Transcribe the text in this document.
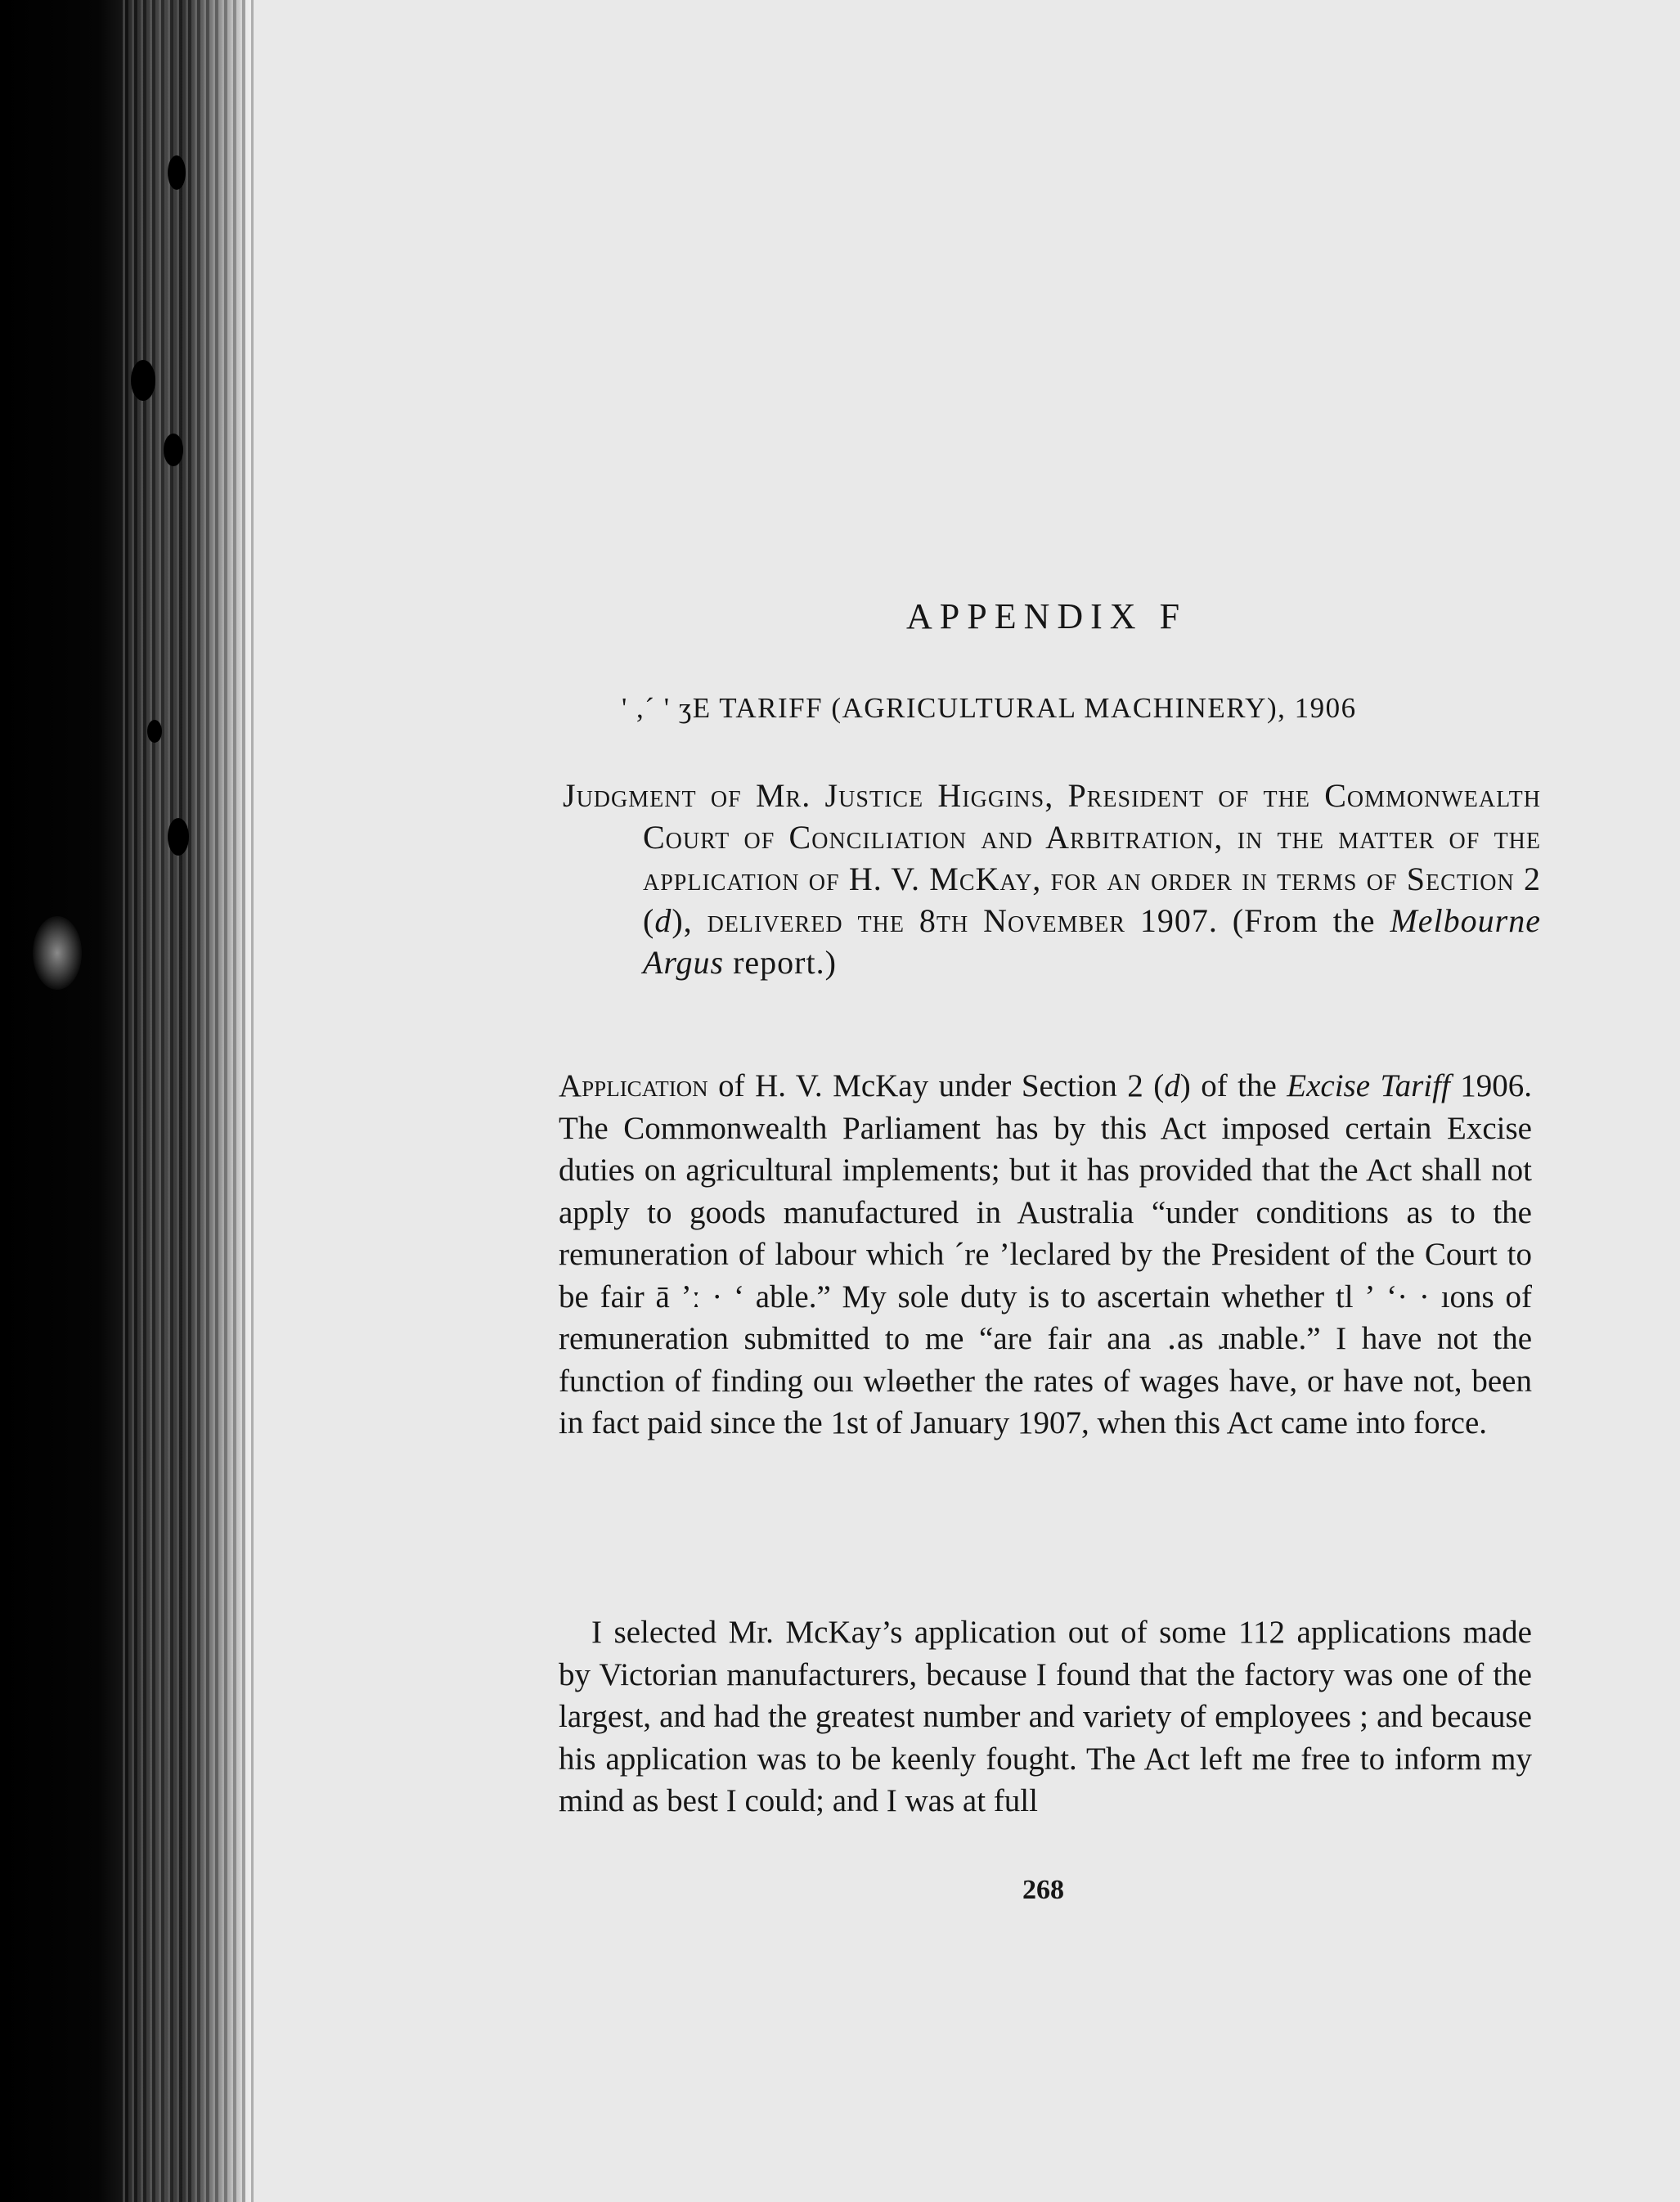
APPENDIX F
' ,´ ' ʒE TARIFF (AGRICULTURAL MACHINERY), 1906
Judgment of Mr. Justice Higgins, President of the Commonwealth Court of Conciliation and Arbitration, in the matter of the application of H. V. McKay, for an order in terms of Section 2 (d), delivered the 8th November 1907. (From the Melbourne Argus report.)
Application of H. V. McKay under Section 2 (d) of the Excise Tariff 1906. The Commonwealth Parliament has by this Act imposed certain Excise duties on agricultural implements; but it has provided that the Act shall not apply to goods manufactured in Australia “under conditions as to the remuneration of labour which ´re ’leclared by the President of the Court to be fair ā ʼː · ʻ able.” My sole duty is to ascertain whether tl ʼ ‘· · ıons of remuneration submitted to me “are fair ana ․as ɹnable.” I have not the function of finding ouı wlɵether the rates of wages have, or have not, been in fact paid since the 1st of January 1907, when this Act came into force.
I selected Mr. McKay’s application out of some 112 applications made by Victorian manufacturers, because I found that the factory was one of the largest, and had the greatest number and variety of employees ; and because his application was to be keenly fought. The Act left me free to inform my mind as best I could; and I was at full
268
